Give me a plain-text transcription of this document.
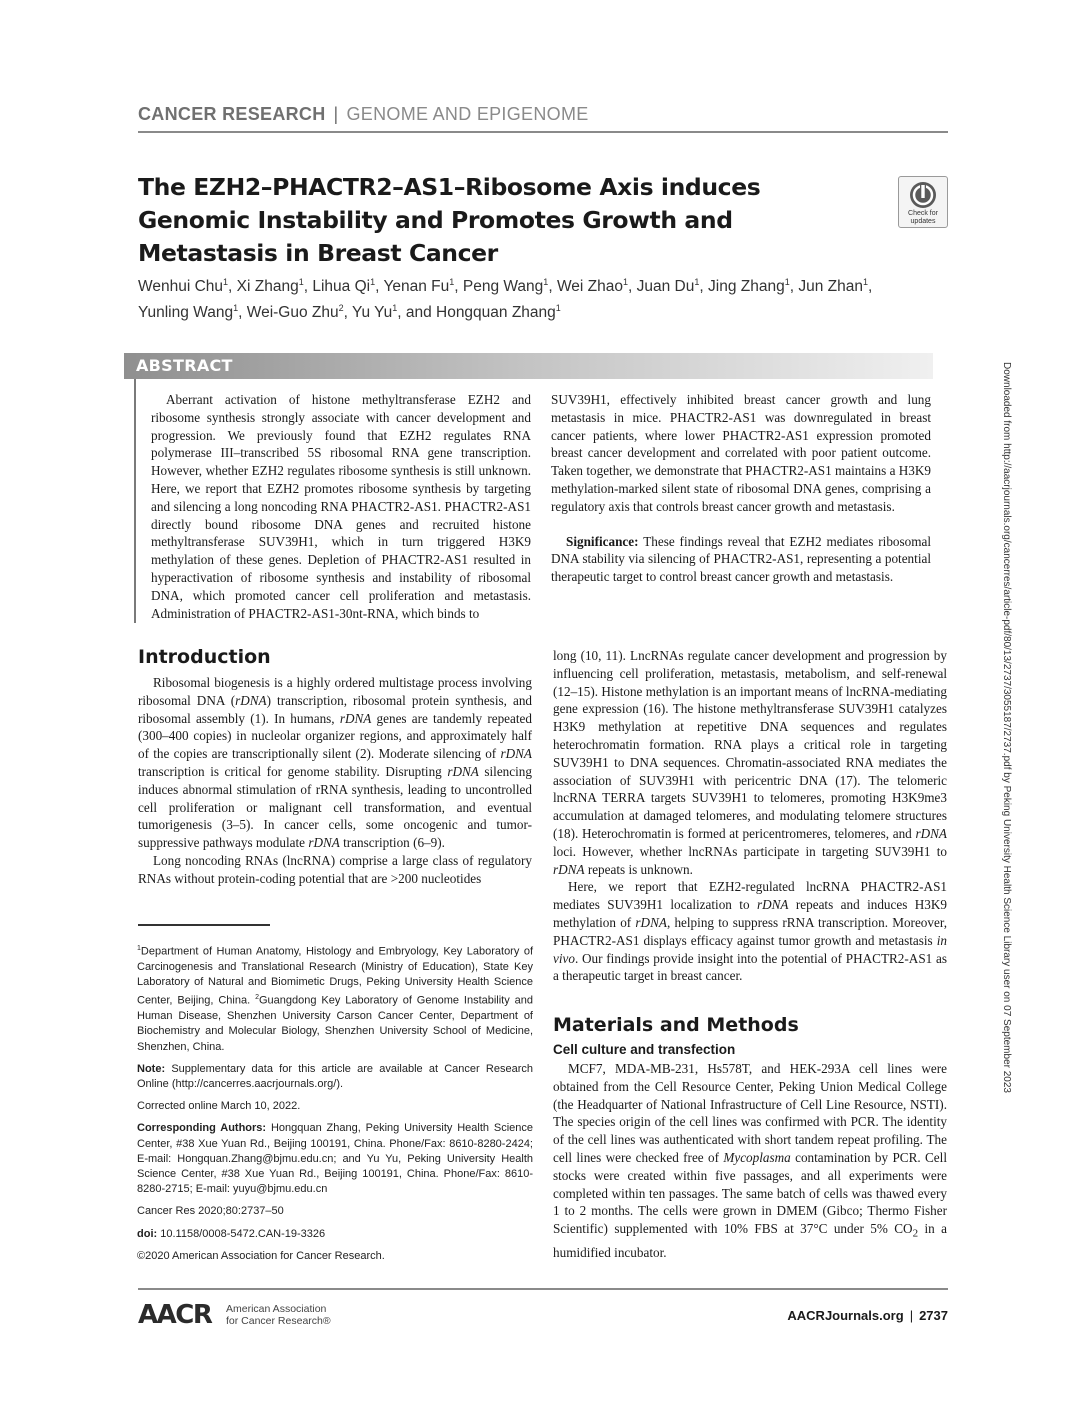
CANCER RESEARCH | GENOME AND EPIGENOME
The EZH2–PHACTR2–AS1–Ribosome Axis induces Genomic Instability and Promotes Growth and Metastasis in Breast Cancer
Check for updates

Wenhui Chu$^1$, Xi Zhang$^1$, Lihua Qi$^1$, Yenan Fu$^1$, Peng Wang$^1$, Wei Zhao$^1$, Juan Du$^1$, Jing Zhang$^1$, Jun Zhan$^1$,
Yunling Wang$^1$, Wei-Guo Zhu$^2$, Yu Yu$^1$, and Hongquan Zhang$^1$

ABSTRACT

Aberrant activation of histone methyltransferase EZH2 and ribosome synthesis strongly associate with cancer development and progression. We previously found that EZH2 regulates RNA polymerase III–transcribed 5S ribosomal RNA gene transcription. However, whether EZH2 regulates ribosome synthesis is still unknown. Here, we report that EZH2 promotes ribosome synthesis by targeting and silencing a long noncoding RNA PHACTR2-AS1. PHACTR2-AS1 directly bound ribosome DNA genes and recruited histone methyltransferase SUV39H1, which in turn triggered H3K9 methylation of these genes. Depletion of PHACTR2-AS1 resulted in hyperactivation of ribosome synthesis and instability of ribosomal DNA, which promoted cancer cell proliferation and metastasis. Administration of PHACTR2-AS1-30nt-RNA, which binds to

SUV39H1, effectively inhibited breast cancer growth and lung metastasis in mice. PHACTR2-AS1 was downregulated in breast cancer patients, where lower PHACTR2-AS1 expression promoted breast cancer development and correlated with poor patient outcome. Taken together, we demonstrate that PHACTR2-AS1 maintains a H3K9 methylation-marked silent state of ribosomal DNA genes, comprising a regulatory axis that controls breast cancer growth and metastasis.

Significance: These findings reveal that EZH2 mediates ribosomal DNA stability via silencing of PHACTR2-AS1, representing a potential therapeutic target to control breast cancer growth and metastasis.

Introduction

Ribosomal biogenesis is a highly ordered multistage process involving ribosomal DNA (rDNA) transcription, ribosomal protein synthesis, and ribosomal assembly (1). In humans, rDNA genes are tandemly repeated (300–400 copies) in nucleolar organizer regions, and approximately half of the copies are transcriptionally silent (2). Moderate silencing of rDNA transcription is critical for genome stability. Disrupting rDNA silencing induces abnormal stimulation of rRNA synthesis, leading to uncontrolled cell proliferation or malignant cell transformation, and eventual tumorigenesis (3–5). In cancer cells, some oncogenic and tumor-suppressive pathways modulate rDNA transcription (6–9).

Long noncoding RNAs (lncRNA) comprise a large class of regulatory RNAs without protein-coding potential that are >200 nucleotides

long (10, 11). LncRNAs regulate cancer development and progression by influencing cell proliferation, metastasis, metabolism, and self-renewal (12–15). Histone methylation is an important means of lncRNA-mediating gene expression (16). The histone methyltransferase SUV39H1 catalyzes H3K9 methylation at repetitive DNA sequences and regulates heterochromatin formation. RNA plays a critical role in targeting SUV39H1 to DNA sequences. Chromatin-associated RNA mediates the association of SUV39H1 with pericentric DNA (17). The telomeric lncRNA TERRA targets SUV39H1 to telomeres, promoting H3K9me3 accumulation at damaged telomeres, and modulating telomere structures (18). Heterochromatin is formed at pericentromeres, telomeres, and rDNA loci. However, whether lncRNAs participate in targeting SUV39H1 to rDNA repeats is unknown.

Here, we report that EZH2-regulated lncRNA PHACTR2-AS1 mediates SUV39H1 localization to rDNA repeats and induces H3K9 methylation of rDNA, helping to suppress rRNA transcription. Moreover, PHACTR2-AS1 displays efficacy against tumor growth and metastasis in vivo. Our findings provide insight into the potential of PHACTR2-AS1 as a therapeutic target in breast cancer.

$^1$Department of Human Anatomy, Histology and Embryology, Key Laboratory of Carcinogenesis and Translational Research (Ministry of Education), State Key Laboratory of Natural and Biomimetic Drugs, Peking University Health Science Center, Beijing, China. $^2$Guangdong Key Laboratory of Genome Instability and Human Disease, Shenzhen University Carson Cancer Center, Department of Biochemistry and Molecular Biology, Shenzhen University School of Medicine, Shenzhen, China.

Note: Supplementary data for this article are available at Cancer Research Online (http://cancerres.aacrjournals.org/).

Corrected online March 10, 2022.

Corresponding Authors: Hongquan Zhang, Peking University Health Science Center, #38 Xue Yuan Rd., Beijing 100191, China. Phone/Fax: 8610-8280-2424; E-mail: Hongquan.Zhang@bjmu.edu.cn; and Yu Yu, Peking University Health Science Center, #38 Xue Yuan Rd., Beijing 100191, China. Phone/Fax: 8610-8280-2715; E-mail: yuyu@bjmu.edu.cn

Cancer Res 2020;80:2737–50

doi: 10.1158/0008-5472.CAN-19-3326

©2020 American Association for Cancer Research.

Materials and Methods
Cell culture and transfection

MCF7, MDA-MB-231, Hs578T, and HEK-293A cell lines were obtained from the Cell Resource Center, Peking Union Medical College (the Headquarter of National Infrastructure of Cell Line Resource, NSTI). The species origin of the cell lines was confirmed with PCR. The identity of the cell lines was authenticated with short tandem repeat profiling. The cell lines were checked free of Mycoplasma contamination by PCR. Cell stocks were created within five passages, and all experiments were completed within ten passages. The same batch of cells was thawed every 1 to 2 months. The cells were grown in DMEM (Gibco; Thermo Fisher Scientific) supplemented with 10% FBS at 37°C under 5% $CO_2$ in a humidified incubator.

AACR American Association
for Cancer Research®	AACRJournals.org | 2737
Downloaded from http://aacrjournals.org/cancerres/article-pdf/80/13/2737/3055187/2737.pdf by Peking University Health Science Library user on 07 September 2023
